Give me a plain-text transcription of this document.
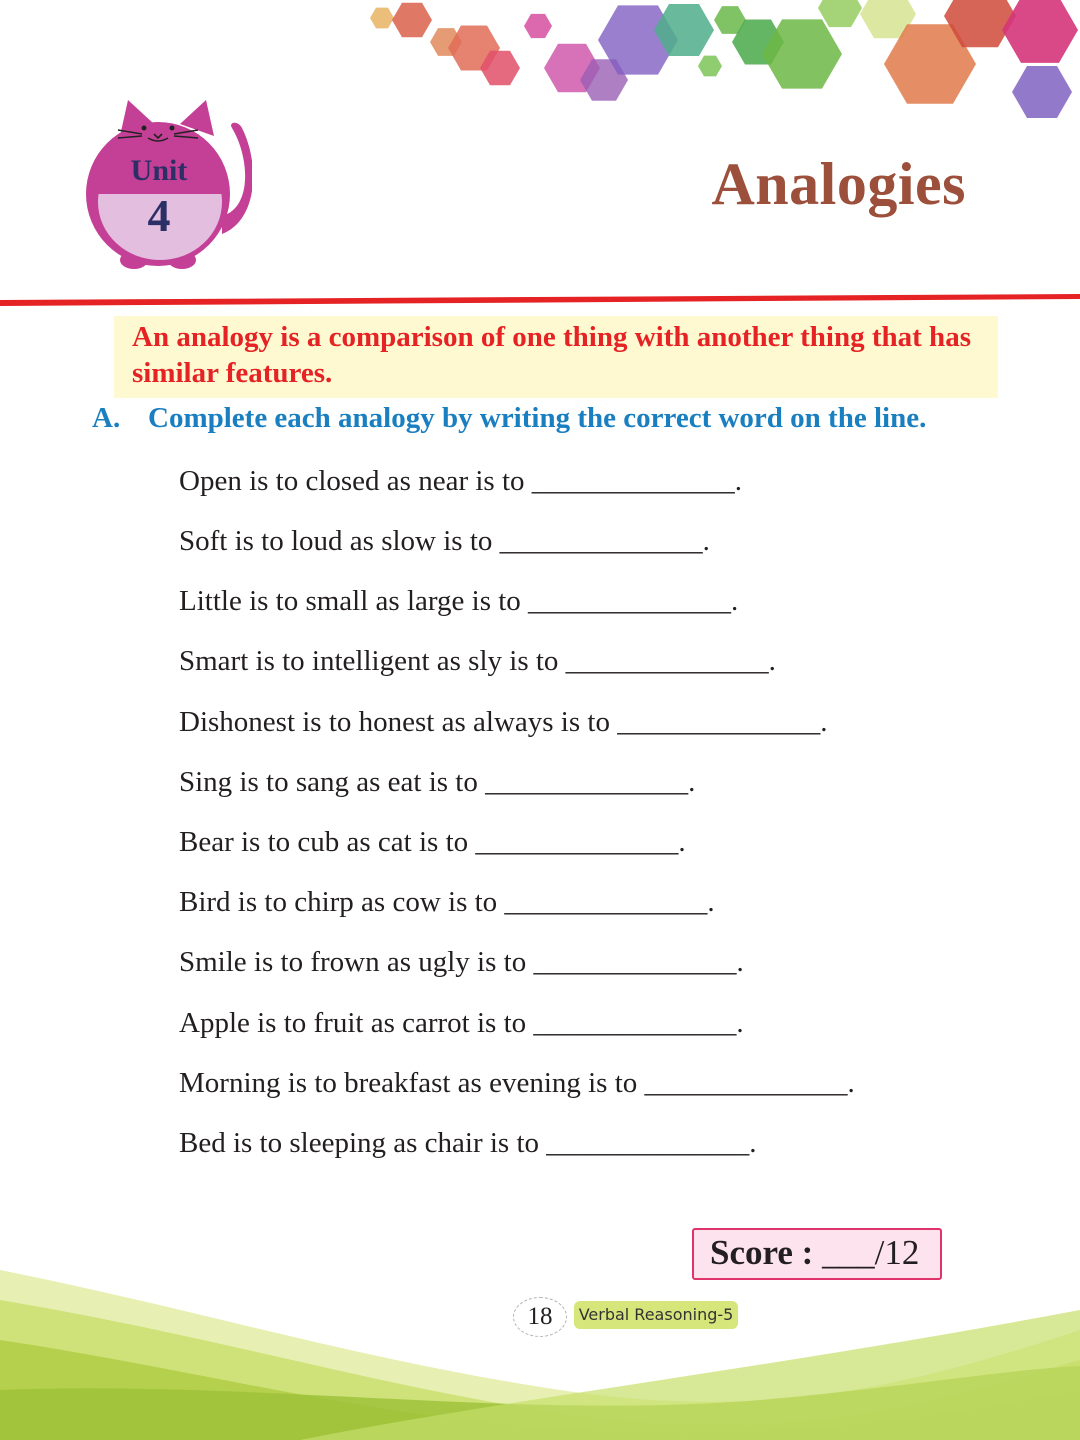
Unit
4	Analogies
An analogy is a comparison of one thing with another thing that has similar features.
A. Complete each analogy by writing the correct word on the line.
Open is to closed as near is to ______________.
Soft is to loud as slow is to ______________.
Little is to small as large is to ______________.
Smart is to intelligent as sly is to ______________.
Dishonest is to honest as always is to ______________.
Sing is to sang as eat is to ______________.
Bear is to cub as cat is to ______________.
Bird is to chirp as cow is to ______________.
Smile is to frown as ugly is to ______________.
Apple is to fruit as carrot is to ______________.
Morning is to breakfast as evening is to ______________.
Bed is to sleeping as chair is to ______________.
Score : ___/12
18	Verbal Reasoning-5
